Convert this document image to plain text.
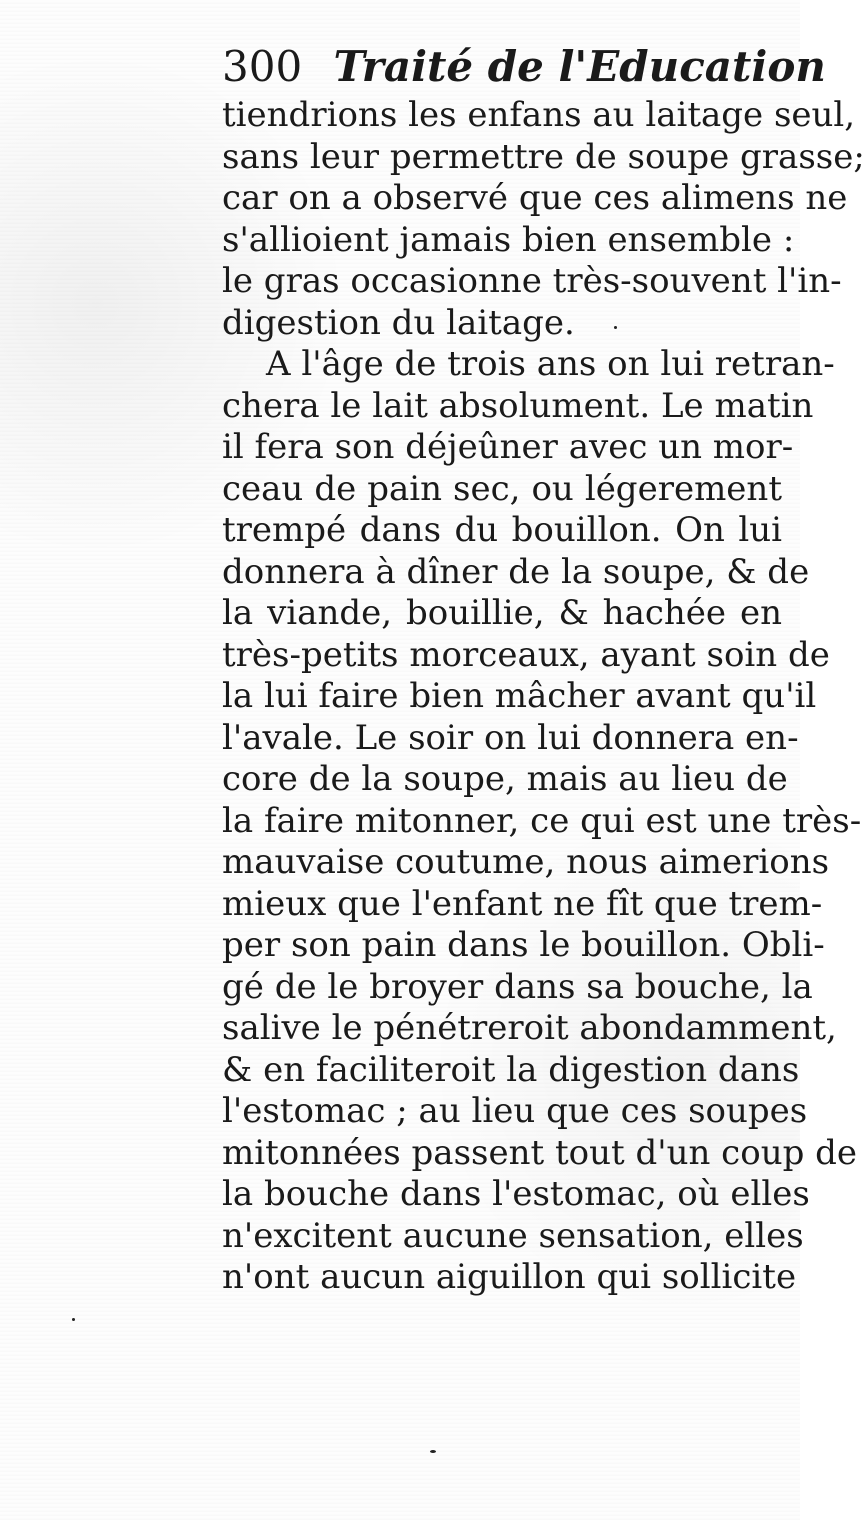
300 Traité de l'Education
tiendrions les enfans au laitage seul,
sans leur permettre de soupe grasse;
car on a observé que ces alimens ne
s'allioient jamais bien ensemble :
le gras occasionne très-souvent l'in-
digestion du laitage.
A l'âge de trois ans on lui retran-
chera le lait absolument. Le matin
il fera son déjeûner avec un mor-
ceau de pain sec, ou légerement
trempé dans du bouillon. On lui
donnera à dîner de la soupe, & de
la viande, bouillie, & hachée en
très-petits morceaux, ayant soin de
la lui faire bien mâcher avant qu'il
l'avale. Le soir on lui donnera en-
core de la soupe, mais au lieu de
la faire mitonner, ce qui est une très-
mauvaise coutume, nous aimerions
mieux que l'enfant ne fît que trem-
per son pain dans le bouillon. Obli-
gé de le broyer dans sa bouche, la
salive le pénétreroit abondamment,
& en faciliteroit la digestion dans
l'estomac ; au lieu que ces soupes
mitonnées passent tout d'un coup de
la bouche dans l'estomac, où elles
n'excitent aucune sensation, elles
n'ont aucun aiguillon qui sollicite
